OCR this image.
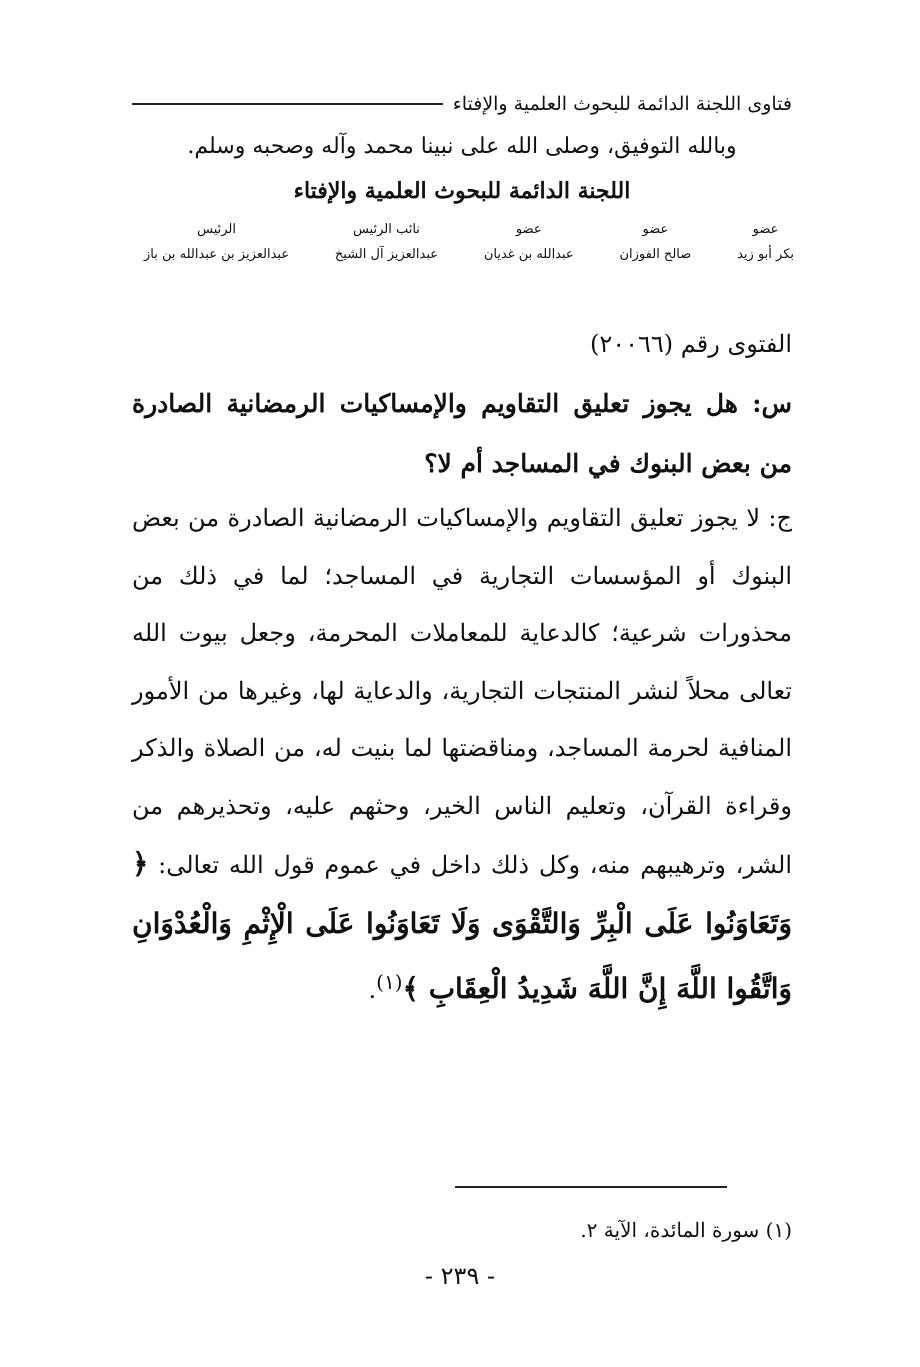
فتاوى اللجنة الدائمة للبحوث العلمية والإفتاء
وبالله التوفيق، وصلى الله على نبينا محمد وآله وصحبه وسلم.
اللجنة الدائمة للبحوث العلمية والإفتاء
عضو
بكر أبو زيد
عضو
صالح الفوزان
عضو
عبدالله بن غديان
نائب الرئيس
عبدالعزيز آل الشيخ
الرئيس
عبدالعزيز بن عبدالله بن باز
الفتوى رقم (٢٠٠٦٦)
س: هل يجوز تعليق التقاويم والإمساكيات الرمضانية الصادرة من بعض البنوك في المساجد أم لا؟
ج: لا يجوز تعليق التقاويم والإمساكيات الرمضانية الصادرة من بعض البنوك أو المؤسسات التجارية في المساجد؛ لما في ذلك من محذورات شرعية؛ كالدعاية للمعاملات المحرمة، وجعل بيوت الله تعالى محلاً لنشر المنتجات التجارية، والدعاية لها، وغيرها من الأمور المنافية لحرمة المساجد، ومناقضتها لما بنيت له، من الصلاة والذكر وقراءة القرآن، وتعليم الناس الخير، وحثهم عليه، وتحذيرهم من الشر، وترهيبهم منه، وكل ذلك داخل في عموم قول الله تعالى: ﴿ وَتَعَاوَنُوا عَلَى الْبِرِّ وَالتَّقْوَى وَلَا تَعَاوَنُوا عَلَى الْإِثْمِ وَالْعُدْوَانِ وَاتَّقُوا اللَّهَ إِنَّ اللَّهَ شَدِيدُ الْعِقَابِ ﴾$^{(١)}$.
(١) سورة المائدة، الآية ٢.
- ٢٣٩ -
